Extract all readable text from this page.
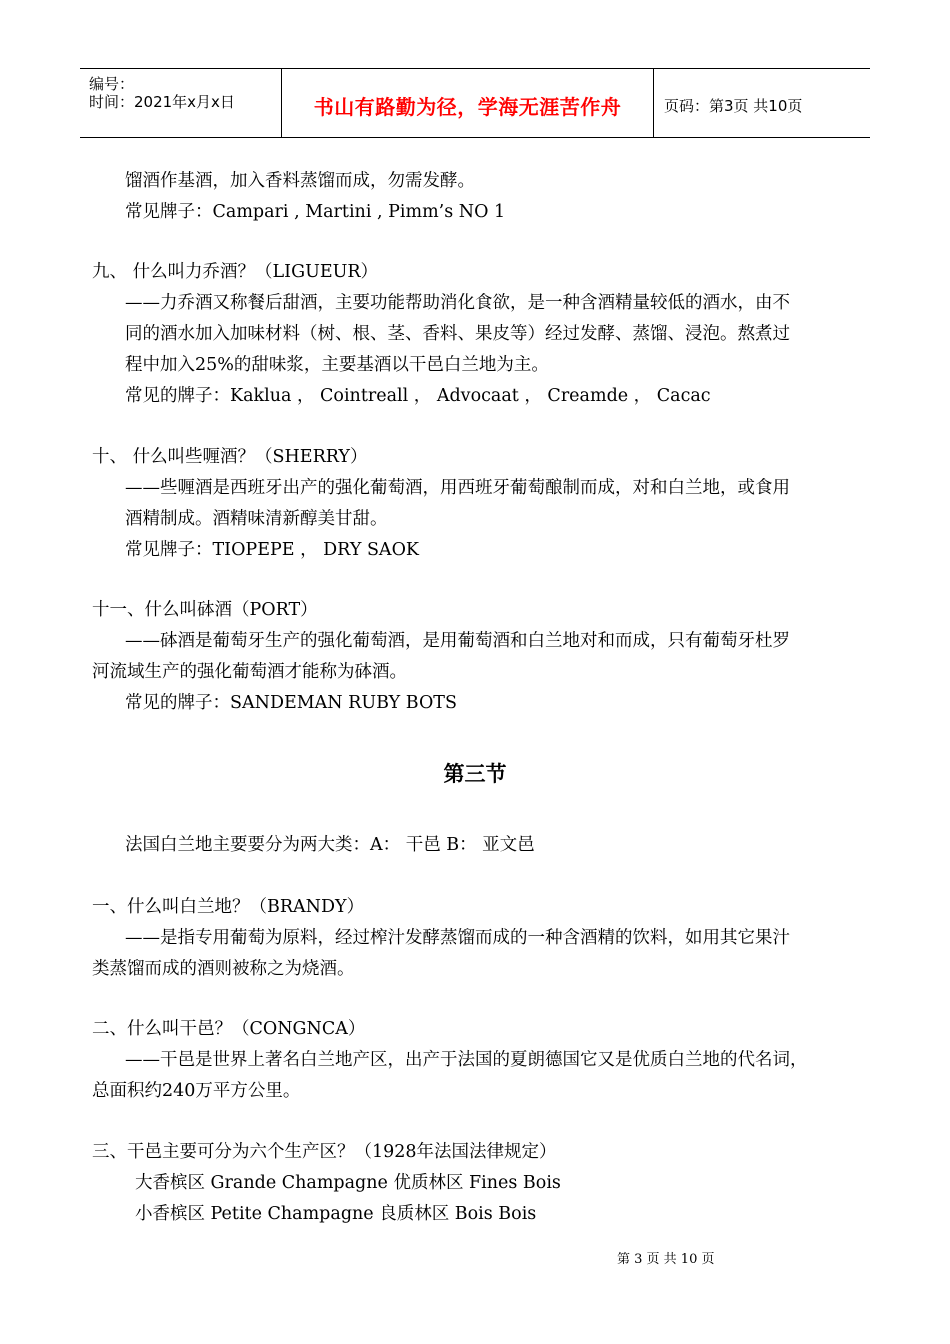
编号：
时间：2021年x月x日	书山有路勤为径，学海无涯苦作舟	页码：第3页 共10页
馏酒作基酒，加入香料蒸馏而成，勿需发酵。
常见牌子：Campari , Martini , Pimm’s NO 1
九、 什么叫力乔酒？（LIGUEUR）
——力乔酒又称餐后甜酒，主要功能帮助消化食欲，是一种含酒精量较低的酒水，由不
同的酒水加入加味材料（树、根、茎、香料、果皮等）经过发酵、蒸馏、浸泡。熬煮过
程中加入25%的甜味浆，主要基酒以干邑白兰地为主。
常见的牌子：Kaklua ， Cointreall ， Advocaat ， Creamde ， Cacac
十、 什么叫些喱酒？（SHERRY）
——些喱酒是西班牙出产的强化葡萄酒，用西班牙葡萄酿制而成，对和白兰地，或食用
酒精制成。酒精味清新醇美甘甜。
常见牌子：TIOPEPE ， DRY SAOK
十一、什么叫砵酒（PORT）
——砵酒是葡萄牙生产的强化葡萄酒，是用葡萄酒和白兰地对和而成，只有葡萄牙杜罗
河流域生产的强化葡萄酒才能称为砵酒。
常见的牌子：SANDEMAN RUBY BOTS
第三节
法国白兰地主要要分为两大类：A： 干邑 B： 亚文邑
一、什么叫白兰地？（BRANDY）
——是指专用葡萄为原料，经过榨汁发酵蒸馏而成的一种含酒精的饮料，如用其它果汁
类蒸馏而成的酒则被称之为烧酒。
二、什么叫干邑？（CONGNCA）
——干邑是世界上著名白兰地产区，出产于法国的夏朗德国它又是优质白兰地的代名词，
总面积约240万平方公里。
三、干邑主要可分为六个生产区？（1928年法国法律规定）
大香槟区 Grande Champagne 优质林区 Fines Bois
小香槟区 Petite Champagne 良质林区 Bois Bois
第 3 页 共 10 页
